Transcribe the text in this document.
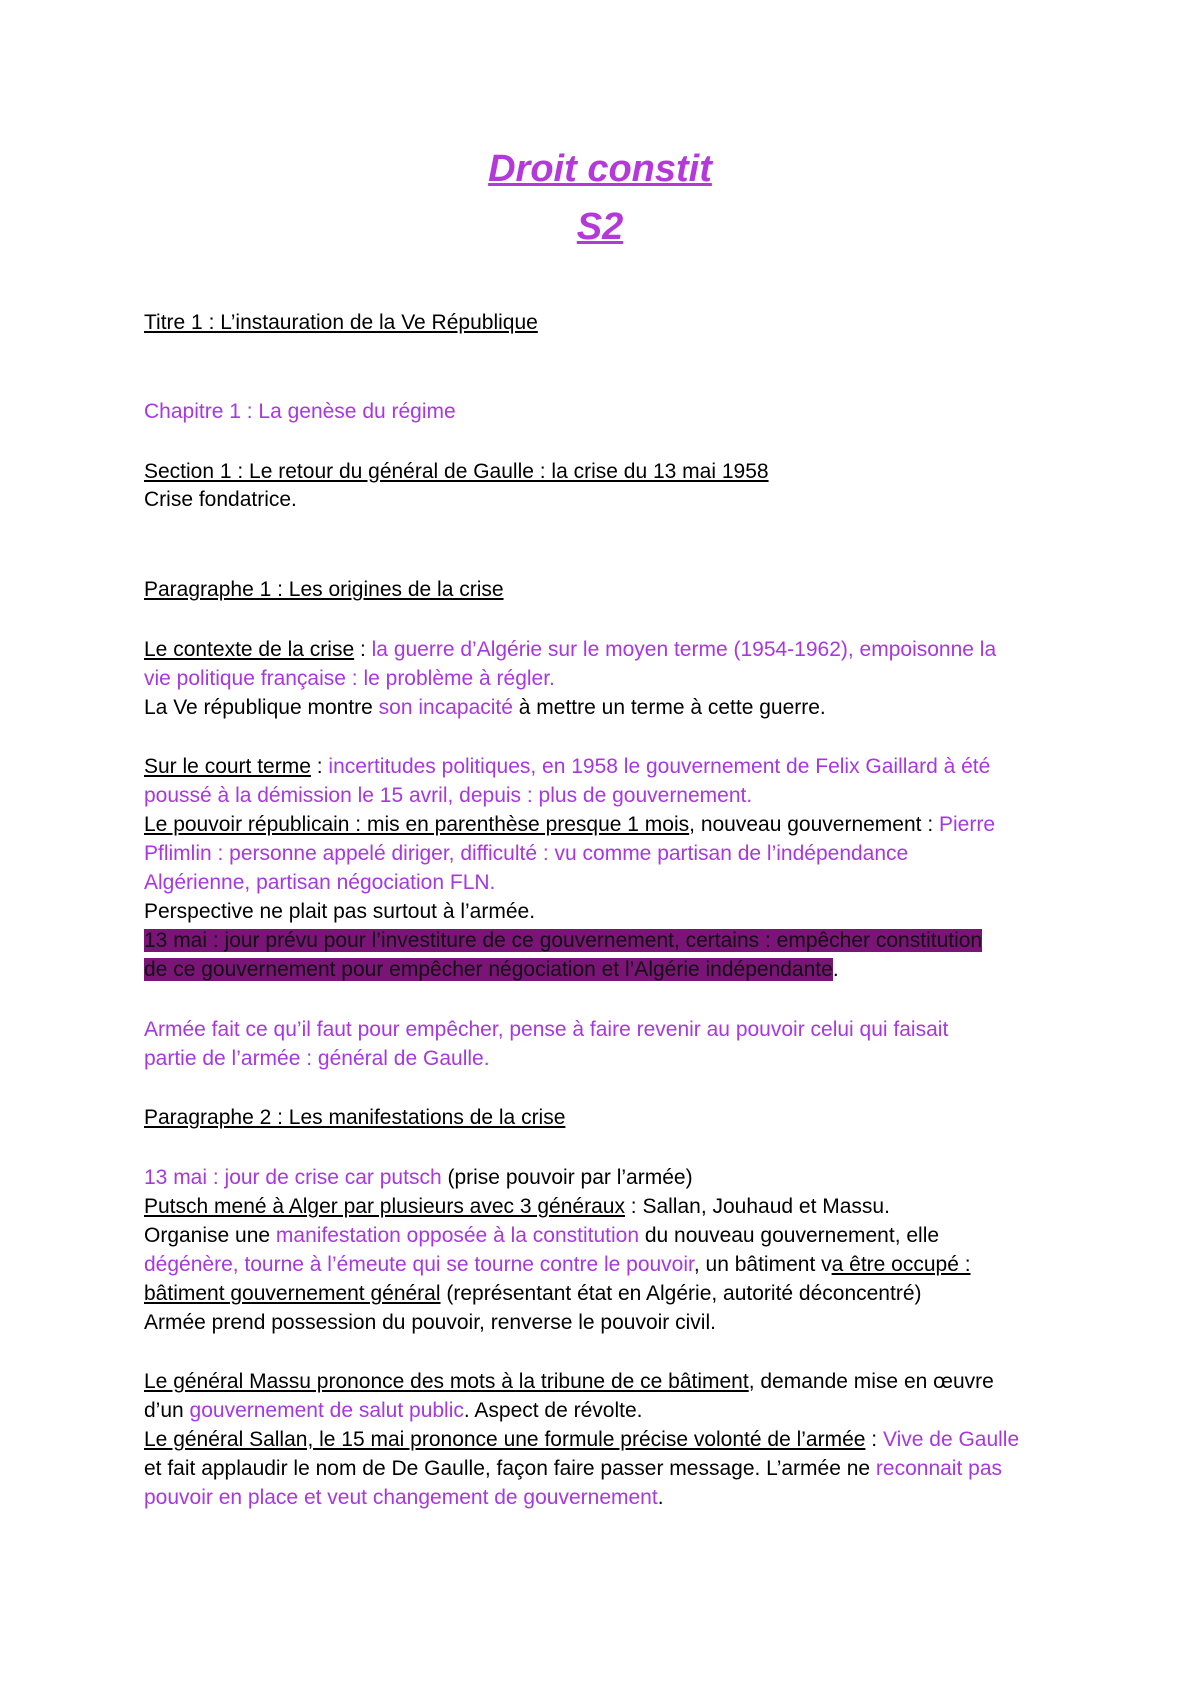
Droit constit
S2
Titre 1 : L’instauration de la Ve République
Chapitre 1 : La genèse du régime
Section 1 : Le retour du général de Gaulle : la crise du 13 mai 1958
Crise fondatrice.
Paragraphe 1 : Les origines de la crise
Le contexte de la crise : la guerre d’Algérie sur le moyen terme (1954-1962), empoisonne la
vie politique française : le problème à régler.
La Ve république montre son incapacité à mettre un terme à cette guerre.
Sur le court terme : incertitudes politiques, en 1958 le gouvernement de Felix Gaillard à été
poussé à la démission le 15 avril, depuis : plus de gouvernement.
Le pouvoir républicain : mis en parenthèse presque 1 mois, nouveau gouvernement : Pierre
Pflimlin : personne appelé diriger, difficulté : vu comme partisan de l’indépendance
Algérienne, partisan négociation FLN.
Perspective ne plait pas surtout à l’armée.
13 mai : jour prévu pour l’investiture de ce gouvernement, certains : empêcher constitution
de ce gouvernement pour empêcher négociation et l’Algérie indépendante.
Armée fait ce qu’il faut pour empêcher, pense à faire revenir au pouvoir celui qui faisait
partie de l’armée : général de Gaulle.
Paragraphe 2 : Les manifestations de la crise
13 mai : jour de crise car putsch (prise pouvoir par l’armée)
Putsch mené à Alger par plusieurs avec 3 généraux : Sallan, Jouhaud et Massu.
Organise une manifestation opposée à la constitution du nouveau gouvernement, elle
dégénère, tourne à l’émeute qui se tourne contre le pouvoir, un bâtiment va être occupé :
bâtiment gouvernement général (représentant état en Algérie, autorité déconcentré)
Armée prend possession du pouvoir, renverse le pouvoir civil.
Le général Massu prononce des mots à la tribune de ce bâtiment, demande mise en œuvre
d’un gouvernement de salut public. Aspect de révolte.
Le général Sallan, le 15 mai prononce une formule précise volonté de l’armée : Vive de Gaulle
et fait applaudir le nom de De Gaulle, façon faire passer message. L’armée ne reconnait pas
pouvoir en place et veut changement de gouvernement.
